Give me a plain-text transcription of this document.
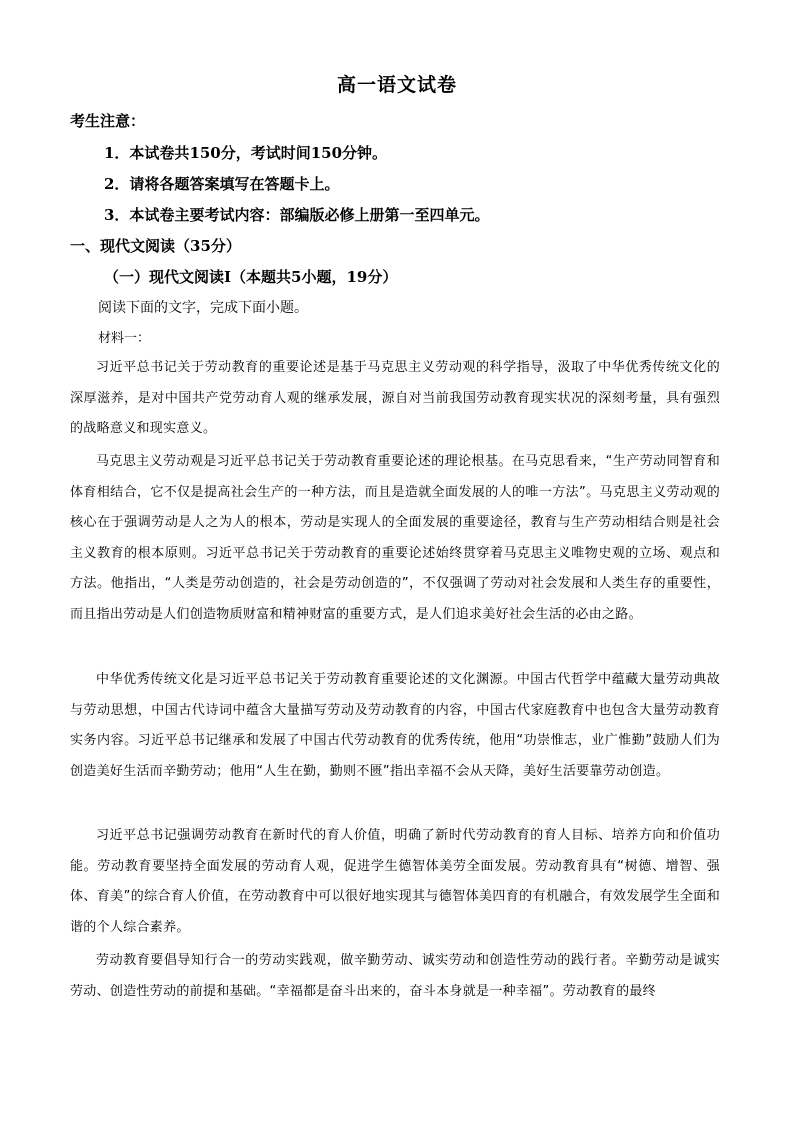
高一语文试卷
考生注意：
1．本试卷共150分，考试时间150分钟。
2．请将各题答案填写在答题卡上。
3．本试卷主要考试内容：部编版必修上册第一至四单元。
一、现代文阅读（35分）
（一）现代文阅读Ⅰ（本题共5小题，19分）
阅读下面的文字，完成下面小题。
材料一：
习近平总书记关于劳动教育的重要论述是基于马克思主义劳动观的科学指导，汲取了中华优秀传统文化的深厚滋养，是对中国共产党劳动育人观的继承发展，源自对当前我国劳动教育现实状况的深刻考量，具有强烈的战略意义和现实意义。
马克思主义劳动观是习近平总书记关于劳动教育重要论述的理论根基。在马克思看来，“生产劳动同智育和体育相结合，它不仅是提高社会生产的一种方法，而且是造就全面发展的人的唯一方法”。马克思主义劳动观的核心在于强调劳动是人之为人的根本，劳动是实现人的全面发展的重要途径，教育与生产劳动相结合则是社会主义教育的根本原则。习近平总书记关于劳动教育的重要论述始终贯穿着马克思主义唯物史观的立场、观点和方法。他指出，“人类是劳动创造的，社会是劳动创造的”，不仅强调了劳动对社会发展和人类生存的重要性，而且指出劳动是人们创造物质财富和精神财富的重要方式，是人们追求美好社会生活的必由之路。
中华优秀传统文化是习近平总书记关于劳动教育重要论述的文化渊源。中国古代哲学中蕴藏大量劳动典故与劳动思想，中国古代诗词中蕴含大量描写劳动及劳动教育的内容，中国古代家庭教育中也包含大量劳动教育实务内容。习近平总书记继承和发展了中国古代劳动教育的优秀传统，他用“功崇惟志，业广惟勤”鼓励人们为创造美好生活而辛勤劳动；他用“人生在勤，勤则不匮”指出幸福不会从天降，美好生活要靠劳动创造。
习近平总书记强调劳动教育在新时代的育人价值，明确了新时代劳动教育的育人目标、培养方向和价值功能。劳动教育要坚持全面发展的劳动育人观，促进学生德智体美劳全面发展。劳动教育具有“树德、增智、强体、育美”的综合育人价值，在劳动教育中可以很好地实现其与德智体美四育的有机融合，有效发展学生全面和谐的个人综合素养。
劳动教育要倡导知行合一的劳动实践观，做辛勤劳动、诚实劳动和创造性劳动的践行者。辛勤劳动是诚实劳动、创造性劳动的前提和基础。“幸福都是奋斗出来的，奋斗本身就是一种幸福”。劳动教育的最终
